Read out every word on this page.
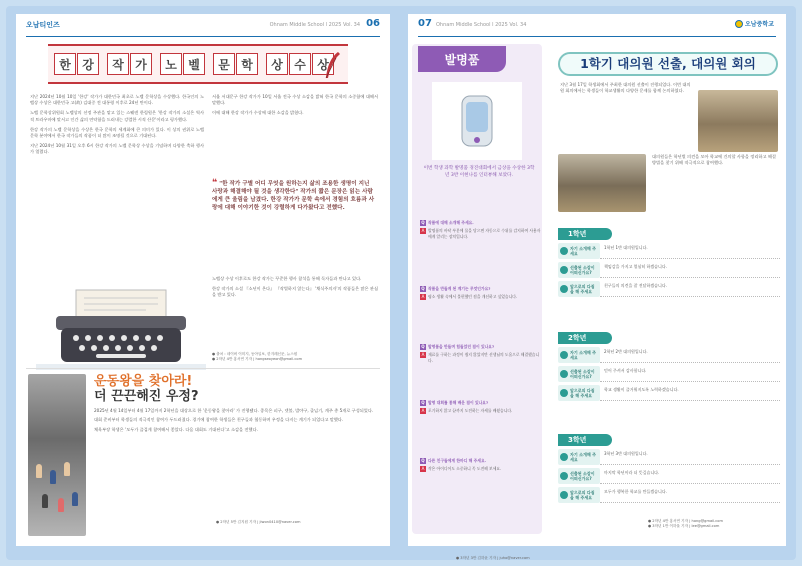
오남티인즈	Ohnam Middle School l 2025 Vol. 34 06
한 강	작 가	노 벨	문 학	상 수 상

지난 2024년 10월 10일 '한강' 작가가 대한민국 최초로 노벨 문학상을 수상했다. 한국인의 노벨상 수상은 대한민국 고(故) 김대중 전 대통령 이후로 24년 만이다.

노벨 문학상위원회 노벨상의 선정 주관을 맡고 있는 스웨덴 한림원은 '한강 작가의 소설은 역사적 트라우마에 맞서고 인간 삶의 연약함을 드러내는 강렬한 시적 산문'이라고 평가했다.

한강 작가의 노벨 문학상을 수상은 한국 문학의 세계화에 큰 의미가 있다. 이 상의 권위로 노벨 문학 분야에서 한국 작가들의 작품이 더 많이 조명될 것으로 기대된다.

지난 2024년 10월 31일 오후 6시 한강 작가의 노벨 문학상 수상을 기념하며 다양한 축하 행사가 열렸다.

서울 서대문구 한강 작가가 10일 서울 전국 수상 소감을 밝혀 한국 문학의 소중함에 대해서 말했다.

이에 대해 한강 작가가 수상에 대한 소감을 밝혔다.

❝ "한 작가 구별 어디 무엇을 원하는지 삶의 조용한 생명이 지닌 사랑과 해결해야 될 것을 생각한다" 작가의 짧은 문장은 읽는 사람에게 큰 울림을 남겼다. 한강 작가가 문학 속에서 경험의 흐름과 사랑에 대해 이야기한 것이 강렬하게 다가왔다고 전했다.

노벨상 수상 이후로도 한강 작가는 꾸준한 행사 참석을 통해 독자들과 만나고 있다.

한강 작가의 소설 『소년이 온다』 『작별하지 않는다』 '채식주의자'의 작품들은 많은 관심을 받고 있다.

● 출처 : 네이버 이미지, 동아일보, 한겨레신문, 뉴스원
● 2학년 4반 홍서연 기자 | hongseoyeon@gmail.com
운동왕을 찾아라!
더 끈끈해진 우정?

2025년 4월 14일부터 4월 17일까지 2학년을 대상으로 한 '운동왕을 찾아라' 가 진행됐다. 종목은 피구, 넷볼, 발야구, 줄넘기, 계주 총 5개로 구성되었다.

대회 준비부터 학생들의 적극적인 참여가 두드러졌다. 경기에 참여한 학생들은 친구들과 협동하며 우정을 다지는 계기가 되었다고 말했다.

체육부장 학생은 '모두가 즐겁게 참여해서 좋았다. 다음 대회도 기대된다'고 소감을 전했다.

● 2학년 5반 김지원 기자 | jiwon0410@naver.com
07 Ohnam Middle School l 2025 Vol. 34	오남중학교
발명품
이번 학생 과학 발명품 경진대회에서 금상을 수상한 3학년 3반 이현나를 인터뷰해 보았다.
Q 작품에 대해 소개해 주세요.
A 발명품의 바닥 부분에 물을 담으면 자동으로 수위를 감지하여 사용자에게 알리는 장치입니다.
Q 작품을 만들게 된 계기는 무엇인가요?
A 평소 생활 속에서 불편했던 점을 개선하고 싶었습니다.
Q 발명품을 만들며 힘들었던 점이 있나요?
A 재료를 구하는 과정이 쉽지 않았지만 선생님의 도움으로 해결했습니다.
Q 발명 대회를 통해 배운 점이 있나요?
A 포기하지 않고 끝까지 도전하는 자세를 배웠습니다.
Q 다른 친구들에게 한마디 해 주세요.
A 작은 아이디어도 소중하니 꼭 도전해 보세요.
● 3학년 3반 김하윤 기자 | juho@naver.com
1학기 대의원 선출, 대의원 회의
지난 3월 17일 학생회에서 주최한 대의원 선출이 진행되었다. 이번 대의원 회의에서는 학생들이 학교생활의 다양한 문제를 함께 논의하였다.
대의원들은 학년별 의견을 모아 학교에 건의할 사항을 정리하고 해결 방법을 찾기 위해 적극적으로 참여했다.
1학년
자기 소개해 주세요
1학년 1반 대의원입니다.
선출된 소감이 어떠신가요?
책임감을 가지고 열심히 하겠습니다.
앞으로의 다짐을 해 주세요
친구들의 의견을 잘 전달하겠습니다.
2학년
자기 소개해 주세요
2학년 2반 대의원입니다.
선출된 소감이 어떠신가요?
믿어 주셔서 감사합니다.
앞으로의 다짐을 해 주세요
학교 생활이 즐거워지도록 노력하겠습니다.
3학년
자기 소개해 주세요
3학년 3반 대의원입니다.
선출된 소감이 어떠신가요?
마지막 학년이라 더 뜻깊습니다.
앞으로의 다짐을 해 주세요
모두가 행복한 학교를 만들겠습니다.
● 2학년 4반 홍서연 기자 | hong@gmail.com
● 3학년 1반 이하율 기자 | lee@gmail.com
